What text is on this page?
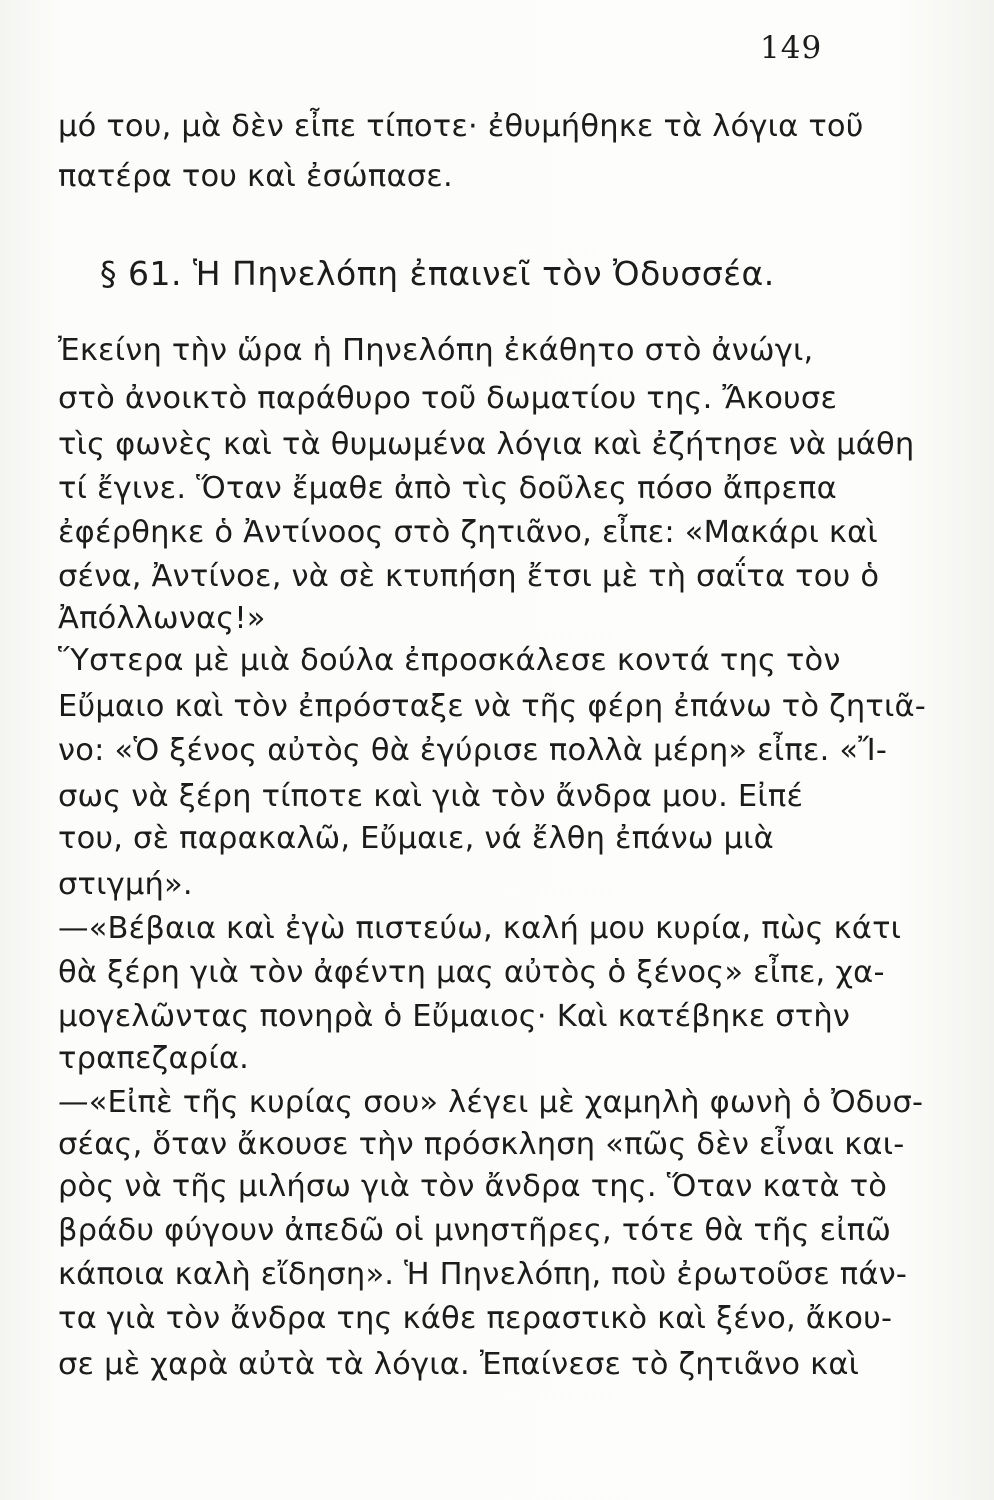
149
μό του, μὰ δὲν εἶπε τίποτε· ἐθυμήθηκε τὰ λόγια τοῦ
πατέρα του καὶ ἐσώπασε.
§ 61. Ἡ Πηνελόπη ἐπαινεῖ τὸν Ὀδυσσέα.
Ἐκείνη τὴν ὥρα ἡ Πηνελόπη ἐκάθητο στὸ ἀνώγι,
στὸ ἀνοικτὸ παράθυρο τοῦ δωματίου της. Ἄκουσε
τὶς φωνὲς καὶ τὰ θυμωμένα λόγια καὶ ἐζήτησε νὰ μάθη
τί ἔγινε. Ὅταν ἔμαθε ἀπὸ τὶς δοῦλες πόσο ἄπρεπα
ἐφέρθηκε ὁ Ἀντίνοος στὸ ζητιᾶνο, εἶπε: «Μακάρι καὶ
σένα, Ἀντίνοε, νὰ σὲ κτυπήση ἔτσι μὲ τὴ σαΐτα του ὁ
Ἀπόλλωνας!»
Ὕστερα μὲ μιὰ δούλα ἐπροσκάλεσε κοντά της τὸν
Εὔμαιο καὶ τὸν ἐπρόσταξε νὰ τῆς φέρη ἐπάνω τὸ ζητιᾶ-
νο: «Ὁ ξένος αὐτὸς θὰ ἐγύρισε πολλὰ μέρη» εἶπε. «Ἴ-
σως νὰ ξέρη τίποτε καὶ γιὰ τὸν ἄνδρα μου. Εἰπέ
του, σὲ παρακαλῶ, Εὔμαιε, νά ἔλθη ἐπάνω μιὰ
στιγμή».
—«Βέβαια καὶ ἐγὼ πιστεύω, καλή μου κυρία, πὼς κάτι
θὰ ξέρη γιὰ τὸν ἀφέντη μας αὐτὸς ὁ ξένος» εἶπε, χα-
μογελῶντας πονηρὰ ὁ Εὔμαιος· Καὶ κατέβηκε στὴν
τραπεζαρία.
—«Εἰπὲ τῆς κυρίας σου» λέγει μὲ χαμηλὴ φωνὴ ὁ Ὀδυσ-
σέας, ὅταν ἄκουσε τὴν πρόσκληση «πῶς δὲν εἶναι και-
ρὸς νὰ τῆς μιλήσω γιὰ τὸν ἄνδρα της. Ὅταν κατὰ τὸ
βράδυ φύγουν ἀπεδῶ οἱ μνηστῆρες, τότε θὰ τῆς εἰπῶ
κάποια καλὴ εἴδηση». Ἡ Πηνελόπη, ποὺ ἐρωτοῦσε πάν-
τα γιὰ τὸν ἄνδρα της κάθε περαστικὸ καὶ ξένο, ἄκου-
σε μὲ χαρὰ αὐτὰ τὰ λόγια. Ἐπαίνεσε τὸ ζητιᾶνο καὶ
